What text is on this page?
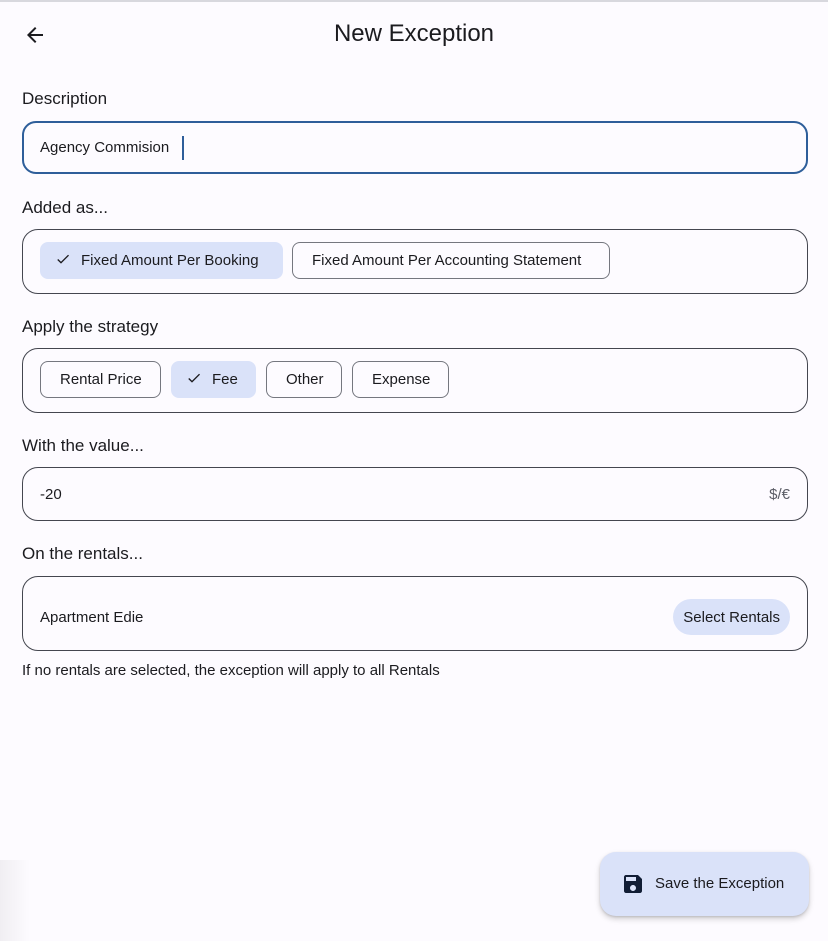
New Exception
Description
Agency Commision
Added as...
Fixed Amount Per Booking	Fixed Amount Per Accounting Statement
Apply the strategy
Rental Price	Fee	Other	Expense
With the value...
-20
$/€
On the rentals...
Apartment Edie	Select Rentals
If no rentals are selected, the exception will apply to all Rentals
Save the Exception
